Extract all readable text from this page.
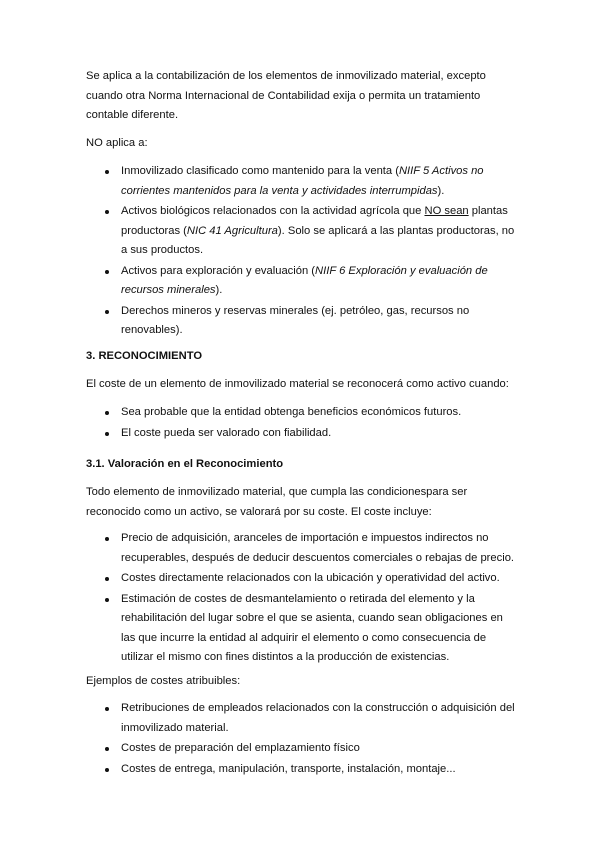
Se aplica a la contabilización de los elementos de inmovilizado material, excepto cuando otra Norma Internacional de Contabilidad exija o permita un tratamiento contable diferente.

NO aplica a:

Inmovilizado clasificado como mantenido para la venta (NIIF 5 Activos no corrientes mantenidos para la venta y actividades interrumpidas).
Activos biológicos relacionados con la actividad agrícola que NO sean plantas productoras (NIC 41 Agricultura). Solo se aplicará a las plantas productoras, no a sus productos.
Activos para exploración y evaluación (NIIF 6 Exploración y evaluación de recursos minerales).
Derechos mineros y reservas minerales (ej. petróleo, gas, recursos no renovables).

3. RECONOCIMIENTO

El coste de un elemento de inmovilizado material se reconocerá como activo cuando:

Sea probable que la entidad obtenga beneficios económicos futuros.
El coste pueda ser valorado con fiabilidad.

3.1. Valoración en el Reconocimiento

Todo elemento de inmovilizado material, que cumpla las condicionespara ser reconocido como un activo, se valorará por su coste. El coste incluye:

Precio de adquisición, aranceles de importación e impuestos indirectos no recuperables, después de deducir descuentos comerciales o rebajas de precio.
Costes directamente relacionados con la ubicación y operatividad del activo.
Estimación de costes de desmantelamiento o retirada del elemento y la rehabilitación del lugar sobre el que se asienta, cuando sean obligaciones en las que incurre la entidad al adquirir el elemento o como consecuencia de utilizar el mismo con fines distintos a la producción de existencias.

Ejemplos de costes atribuibles:

Retribuciones de empleados relacionados con la construcción o adquisición del inmovilizado material.
Costes de preparación del emplazamiento físico
Costes de entrega, manipulación, transporte, instalación, montaje...
